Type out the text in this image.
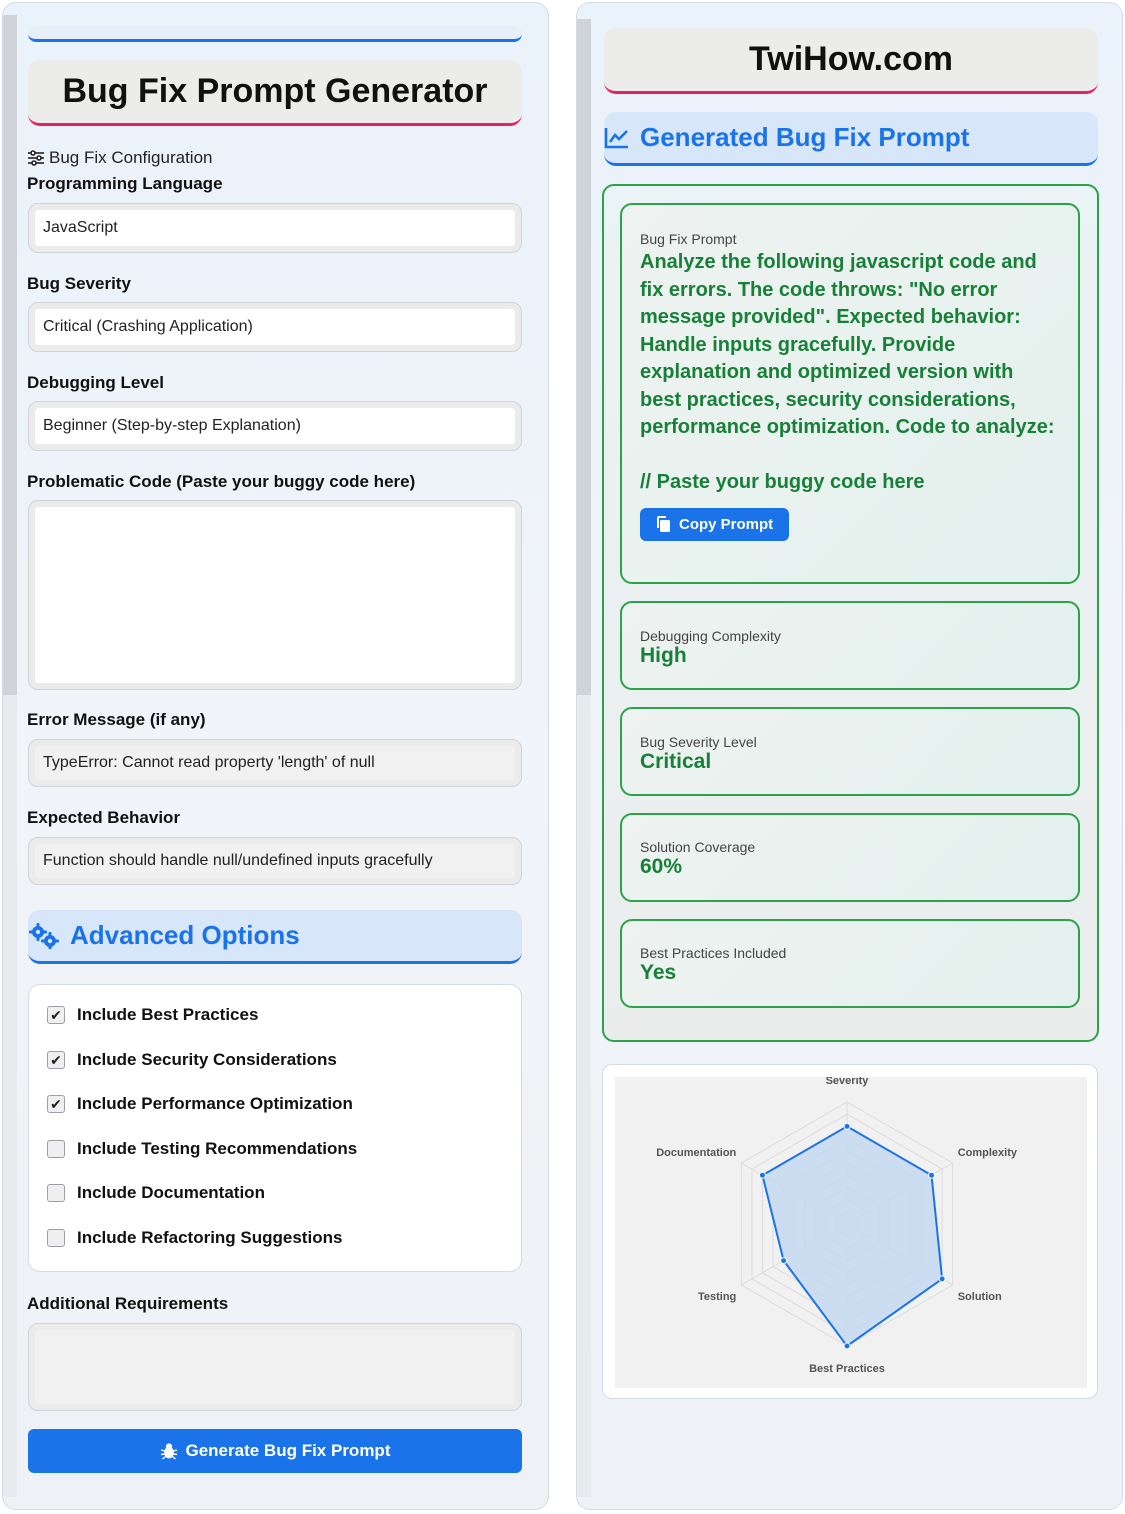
Bug Fix Prompt Generator
Bug Fix Configuration
Programming Language
JavaScript
Bug Severity
Critical (Crashing Application)
Debugging Level
Beginner (Step-by-step Explanation)
Problematic Code (Paste your buggy code here)
Error Message (if any)
TypeError: Cannot read property 'length' of null
Expected Behavior
Function should handle null/undefined inputs gracefully
Advanced Options
✔ Include Best Practices
✔ Include Security Considerations
✔ Include Performance Optimization
Include Testing Recommendations
Include Documentation
Include Refactoring Suggestions
Additional Requirements
Generate Bug Fix Prompt
TwiHow.com
Generated Bug Fix Prompt
Bug Fix Prompt
Analyze the following javascript code and fix errors. The code throws: "No error message provided". Expected behavior: Handle inputs gracefully. Provide explanation and optimized version with best practices, security considerations, performance optimization. Code to analyze:
// Paste your buggy code here
Copy Prompt
Debugging Complexity
High
Bug Severity Level
Critical
Solution Coverage
60%
Best Practices Included
Yes
Severity
Complexity
Solution
Best Practices
Testing
Documentation
